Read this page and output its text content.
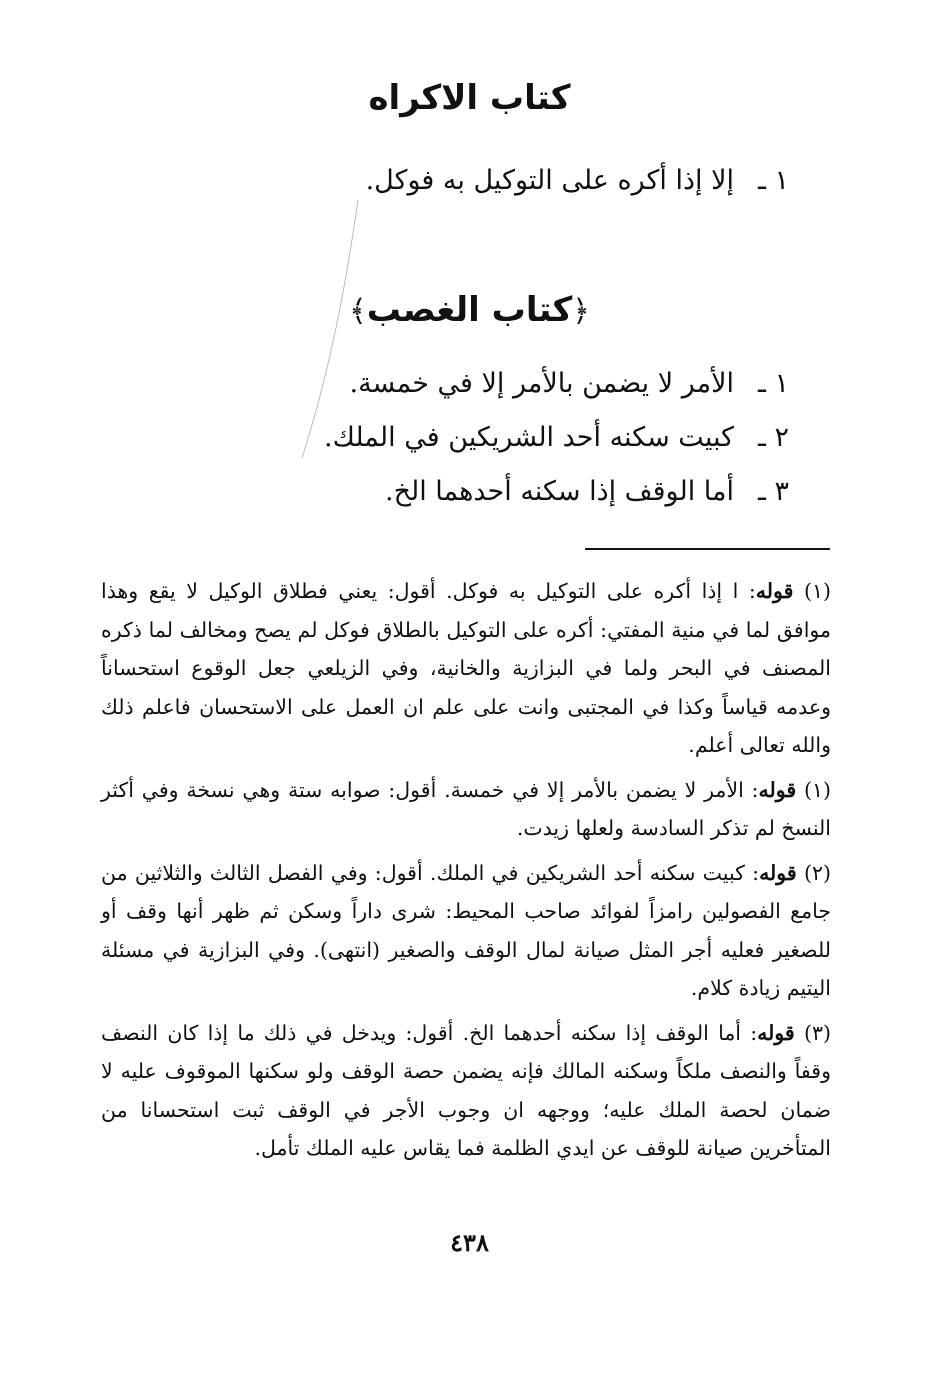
كتاب الاكراه
١ ـإلا إذا أكره على التوكيل به فوكل.
﴿كتاب الغصب﴾
١ ـالأمر لا يضمن بالأمر إلا في خمسة.
٢ ـكبيت سكنه أحد الشريكين في الملك.
٣ ـأما الوقف إذا سكنه أحدهما الخ.

(١) قوله: ا إذا أكره على التوكيل به فوكل. أقول: يعني فطلاق الوكيل لا يقع وهذا موافق لما في منية المفتي: أكره على التوكيل بالطلاق فوكل لم يصح ومخالف لما ذكره المصنف في البحر ولما في البزازية والخانية، وفي الزيلعي جعل الوقوع استحساناً وعدمه قياساً وكذا في المجتبى وانت على علم ان العمل على الاستحسان فاعلم ذلك والله تعالى أعلم.

(١) قوله: الأمر لا يضمن بالأمر إلا في خمسة. أقول: صوابه ستة وهي نسخة وفي أكثر النسخ لم تذكر السادسة ولعلها زيدت.

(٢) قوله: كبيت سكنه أحد الشريكين في الملك. أقول: وفي الفصل الثالث والثلاثين من جامع الفصولين رامزاً لفوائد صاحب المحيط: شرى داراً وسكن ثم ظهر أنها وقف أو للصغير فعليه أجر المثل صيانة لمال الوقف والصغير (انتهى). وفي البزازية في مسئلة اليتيم زيادة كلام.

(٣) قوله: أما الوقف إذا سكنه أحدهما الخ. أقول: ويدخل في ذلك ما إذا كان النصف وقفاً والنصف ملكاً وسكنه المالك فإنه يضمن حصة الوقف ولو سكنها الموقوف عليه لا ضمان لحصة الملك عليه؛ ووجهه ان وجوب الأجر في الوقف ثبت استحسانا من المتأخرين صيانة للوقف عن ايدي الظلمة فما يقاس عليه الملك تأمل.

٤٣٨
